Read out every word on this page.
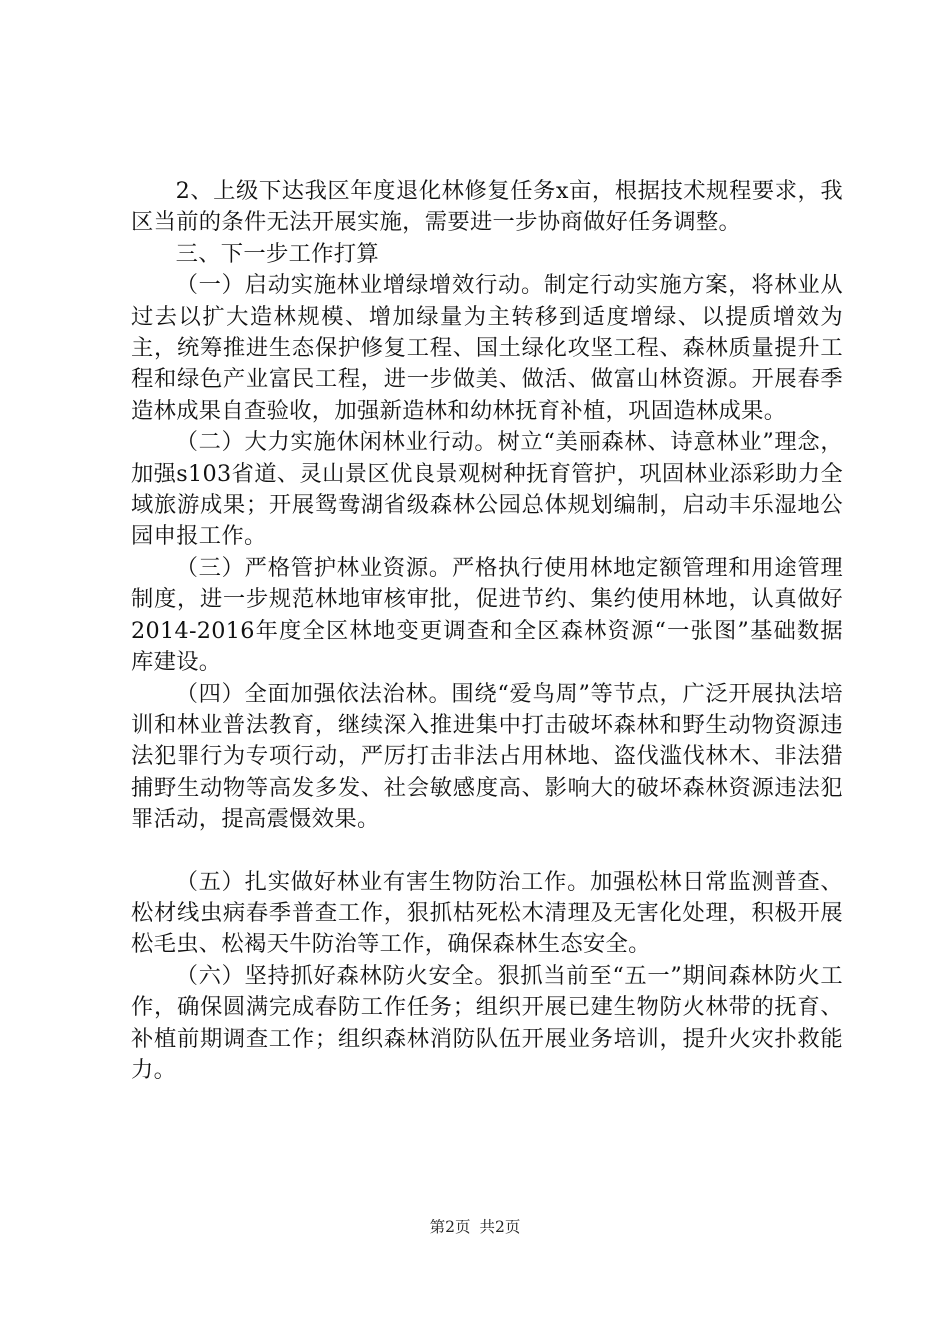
2、上级下达我区年度退化林修复任务x亩，根据技术规程要求，我区当前的条件无法开展实施，需要进一步协商做好任务调整。

三、下一步工作打算

（一）启动实施林业增绿增效行动。制定行动实施方案，将林业从过去以扩大造林规模、增加绿量为主转移到适度增绿、以提质增效为主，统筹推进生态保护修复工程、国土绿化攻坚工程、森林质量提升工程和绿色产业富民工程，进一步做美、做活、做富山林资源。开展春季造林成果自查验收，加强新造林和幼林抚育补植，巩固造林成果。

（二）大力实施休闲林业行动。树立“美丽森林、诗意林业”理念，加强s103省道、灵山景区优良景观树种抚育管护，巩固林业添彩助力全域旅游成果；开展鸳鸯湖省级森林公园总体规划编制，启动丰乐湿地公园申报工作。

（三）严格管护林业资源。严格执行使用林地定额管理和用途管理制度，进一步规范林地审核审批，促进节约、集约使用林地，认真做好2014-2016年度全区林地变更调查和全区森林资源“一张图”基础数据库建设。

（四）全面加强依法治林。围绕“爱鸟周”等节点，广泛开展执法培训和林业普法教育，继续深入推进集中打击破坏森林和野生动物资源违法犯罪行为专项行动，严厉打击非法占用林地、盗伐滥伐林木、非法猎捕野生动物等高发多发、社会敏感度高、影响大的破坏森林资源违法犯罪活动，提高震慑效果。

（五）扎实做好林业有害生物防治工作。加强松林日常监测普查、松材线虫病春季普查工作，狠抓枯死松木清理及无害化处理，积极开展松毛虫、松褐天牛防治等工作，确保森林生态安全。

（六）坚持抓好森林防火安全。狠抓当前至“五一”期间森林防火工作，确保圆满完成春防工作任务；组织开展已建生物防火林带的抚育、补植前期调查工作；组织森林消防队伍开展业务培训，提升火灾扑救能力。

第2页 共2页
